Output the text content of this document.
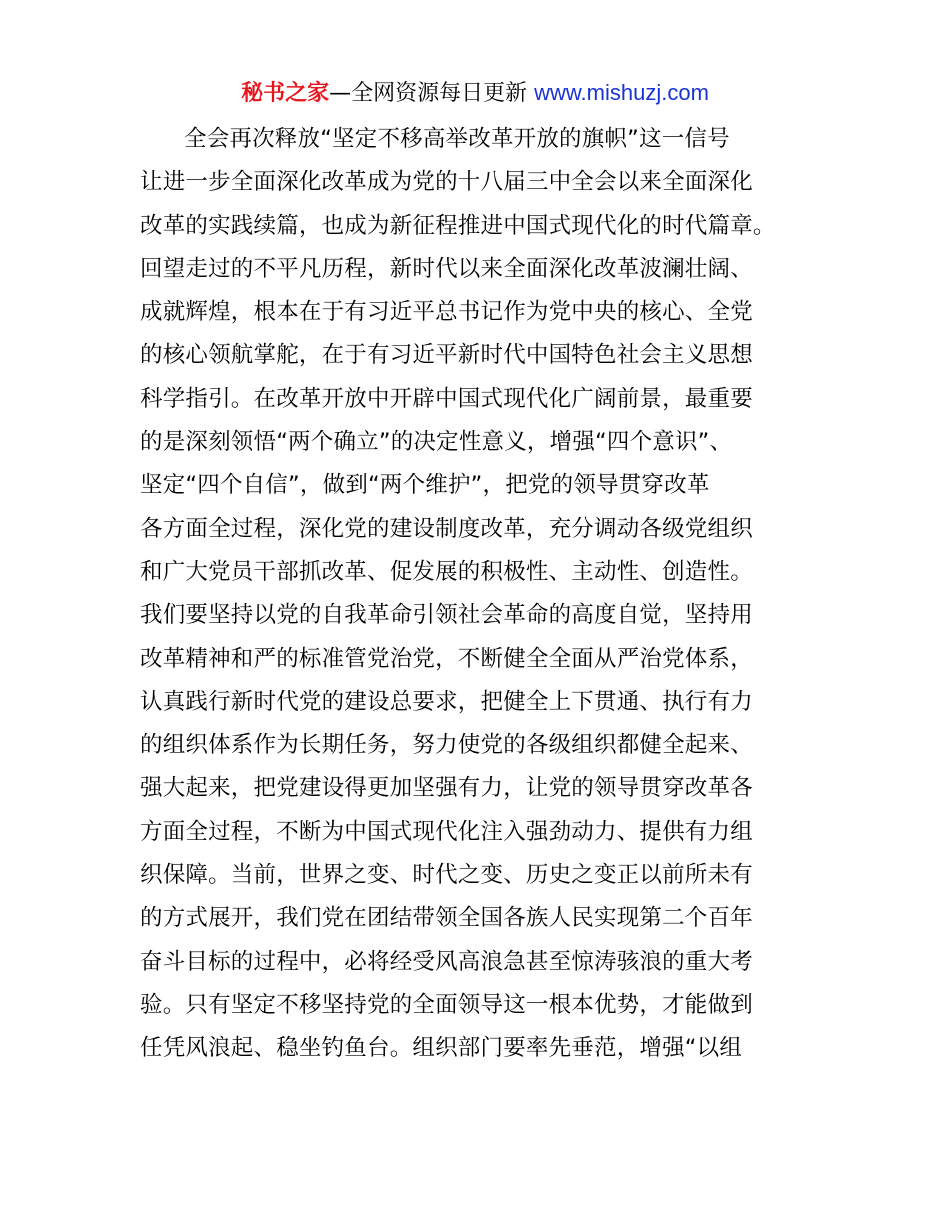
秘书之家—全网资源每日更新 www.mishuzj.com
全会再次释放“坚定不移高举改革开放的旗帜”这一信号
让进一步全面深化改革成为党的十八届三中全会以来全面深化
改革的实践续篇，也成为新征程推进中国式现代化的时代篇章。
回望走过的不平凡历程，新时代以来全面深化改革波澜壮阔、
成就辉煌，根本在于有习近平总书记作为党中央的核心、全党
的核心领航掌舵，在于有习近平新时代中国特色社会主义思想
科学指引。在改革开放中开辟中国式现代化广阔前景，最重要
的是深刻领悟“两个确立”的决定性意义，增强“四个意识”、
坚定“四个自信”，做到“两个维护”，把党的领导贯穿改革
各方面全过程，深化党的建设制度改革，充分调动各级党组织
和广大党员干部抓改革、促发展的积极性、主动性、创造性。
我们要坚持以党的自我革命引领社会革命的高度自觉，坚持用
改革精神和严的标准管党治党，不断健全全面从严治党体系，
认真践行新时代党的建设总要求，把健全上下贯通、执行有力
的组织体系作为长期任务，努力使党的各级组织都健全起来、
强大起来，把党建设得更加坚强有力，让党的领导贯穿改革各
方面全过程，不断为中国式现代化注入强劲动力、提供有力组
织保障。当前，世界之变、时代之变、历史之变正以前所未有
的方式展开，我们党在团结带领全国各族人民实现第二个百年
奋斗目标的过程中，必将经受风高浪急甚至惊涛骇浪的重大考
验。只有坚定不移坚持党的全面领导这一根本优势，才能做到
任凭风浪起、稳坐钓鱼台。组织部门要率先垂范，增强“以组
